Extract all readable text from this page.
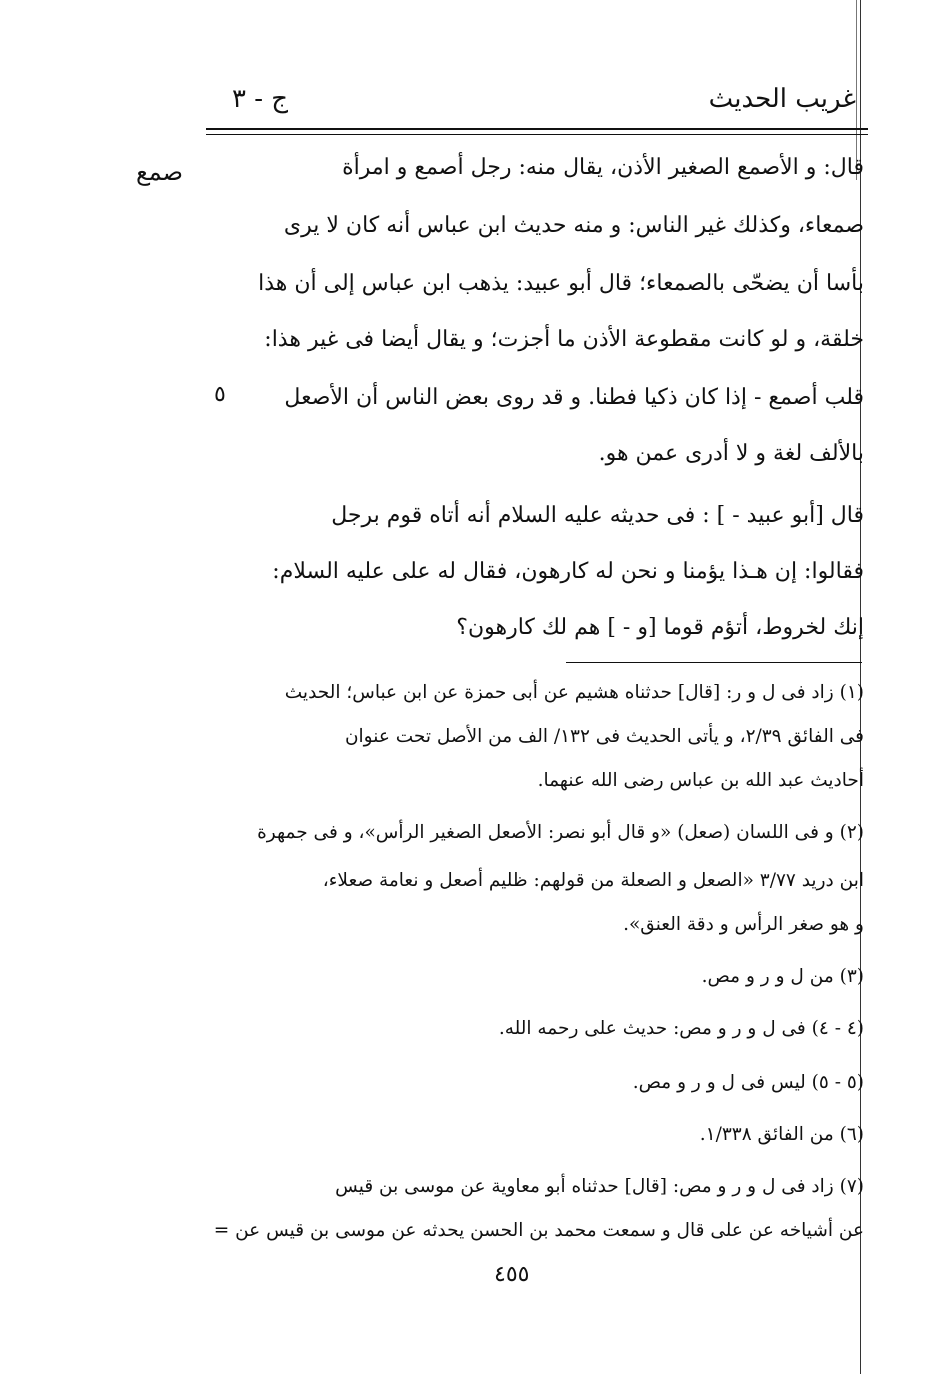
غريب الحديث
ج - ٣
صمع
٥
قال: و الأصمع الصغير الأذن، يقال منه: رجل أصمع و امرأة
صمعاء، وكذلك غير الناس: و منه حديث ابن عباس أنه كان لا يرى
بأسا أن يضحّى بالصمعاء؛ قال أبو عبيد: يذهب ابن عباس إلى أن هذا
خلقة، و لو كانت مقطوعة الأذن ما أجزت؛ و يقال أيضا فى غير هذا:
قلب أصمع - إذا كان ذكيا فطنا. و قد روى بعض الناس أن الأصعل
بالألف لغة و لا أدرى عمن هو.
قال [أبو عبيد - ] : فى حديثه عليه السلام أنه أتاه قوم برجل
فقالوا: إن هـذا يؤمنا و نحن له كارهون، فقال له على عليه السلام:
إنك لخروط، أتؤم قوما [و - ] هم لك كارهون؟
(١) زاد فى ل و ر: [قال] حدثناه هشيم عن أبى حمزة عن ابن عباس؛ الحديث
فى الفائق ٢/٣٩، و يأتى الحديث فى ١٣٢/ الف من الأصل تحت عنوان
أحاديث عبد الله بن عباس رضى الله عنهما.
(٢) و فى اللسان (صعل) «و قال أبو نصر: الأصعل الصغير الرأس»، و فى جمهرة
ابن دريد ٣/٧٧ «الصعل و الصعلة من قولهم: ظليم أصعل و نعامة صعلاء،
و هو صغر الرأس و دقة العنق».
(٣) من ل و ر و مص.
(٤ - ٤) فى ل و ر و مص: حديث على رحمه الله.
(٥ - ٥) ليس فى ل و ر و مص.
(٦) من الفائق ١/٣٣٨.
(٧) زاد فى ل و ر و مص: [قال] حدثناه أبو معاوية عن موسى بن قيس
عن أشياخه عن على قال و سمعت محمد بن الحسن يحدثه عن موسى بن قيس عن =
٤٥٥
